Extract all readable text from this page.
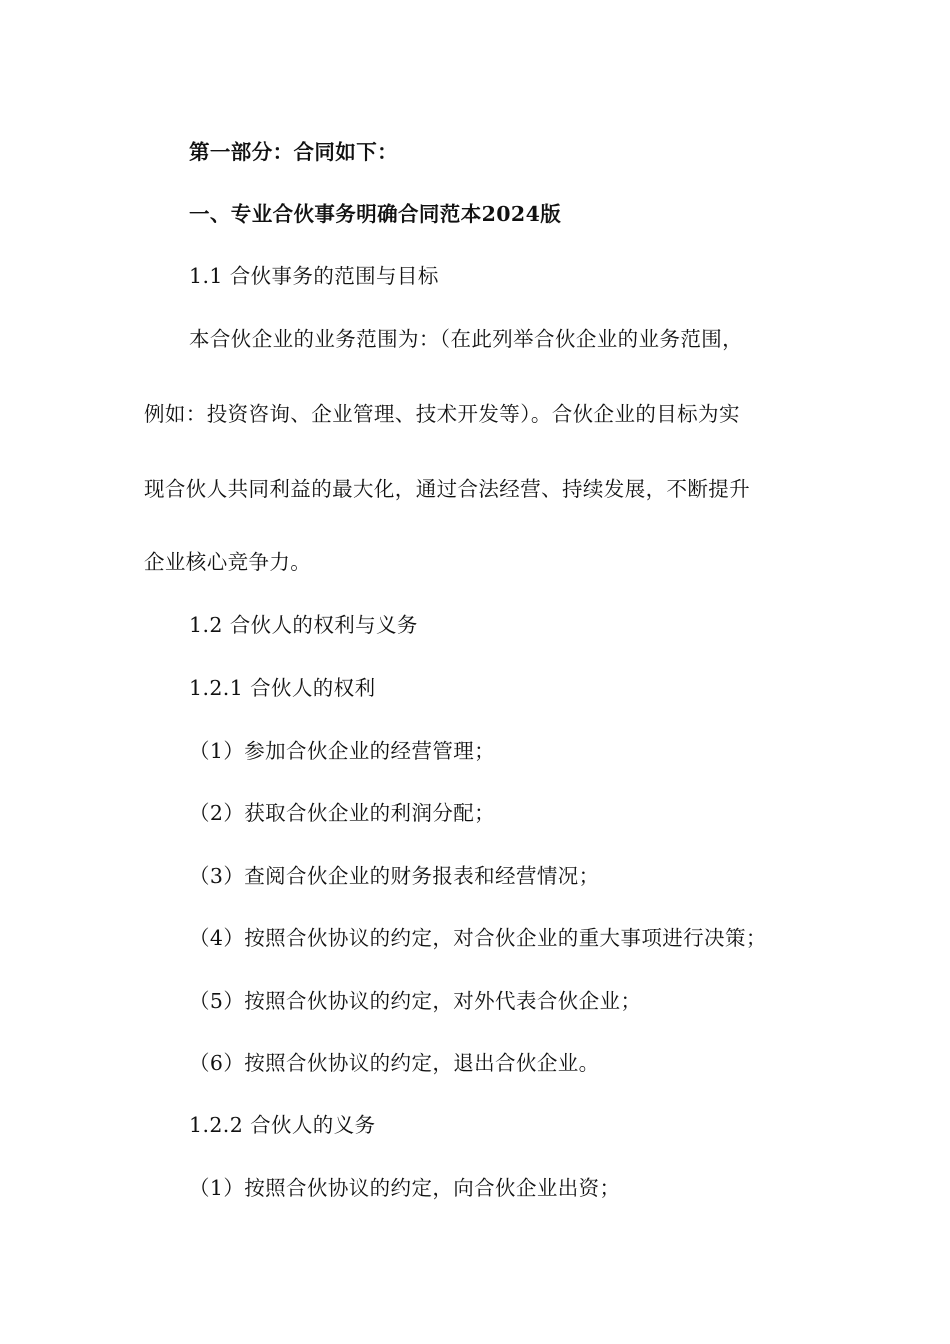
第一部分：合同如下：
一、专业合伙事务明确合同范本2024版
1.1 合伙事务的范围与目标
本合伙企业的业务范围为：（在此列举合伙企业的业务范围，
例如：投资咨询、企业管理、技术开发等）。合伙企业的目标为实
现合伙人共同利益的最大化，通过合法经营、持续发展，不断提升
企业核心竞争力。
1.2 合伙人的权利与义务
1.2.1 合伙人的权利
（1）参加合伙企业的经营管理；
（2）获取合伙企业的利润分配；
（3）查阅合伙企业的财务报表和经营情况；
（4）按照合伙协议的约定，对合伙企业的重大事项进行决策；
（5）按照合伙协议的约定，对外代表合伙企业；
（6）按照合伙协议的约定，退出合伙企业。
1.2.2 合伙人的义务
（1）按照合伙协议的约定，向合伙企业出资；
